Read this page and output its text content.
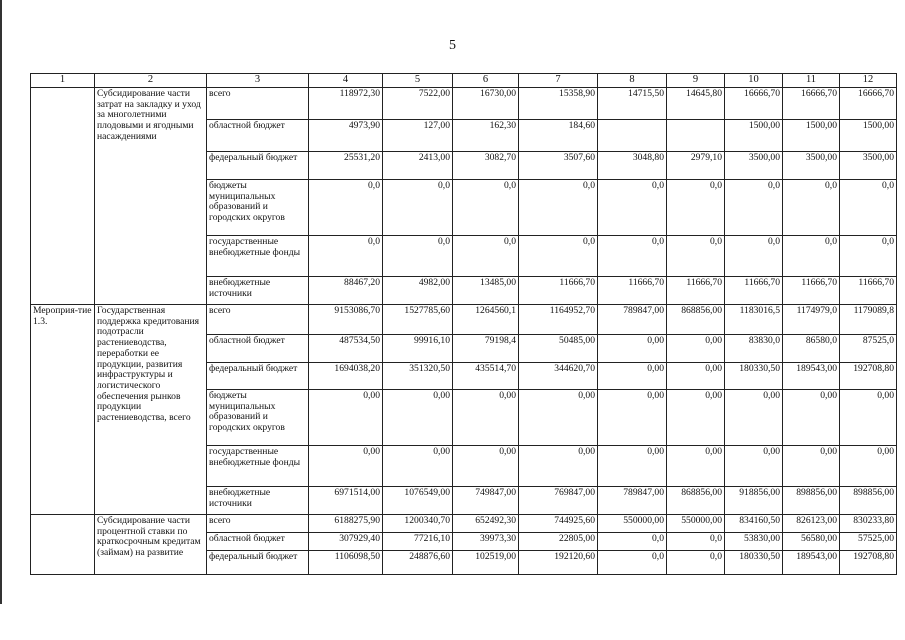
5
1	2	3	4	5	6	7	8	9	10	11	12
	Субсидирование части затрат на закладку и уход за многолетними плодовыми и ягодными насаждениями	всего	118972,30	7522,00	16730,00	15358,90	14715,50	14645,80	16666,70	16666,70	16666,70
		областной бюджет	4973,90	127,00	162,30	184,60			1500,00	1500,00	1500,00
		федеральный бюджет	25531,20	2413,00	3082,70	3507,60	3048,80	2979,10	3500,00	3500,00	3500,00
		бюджеты муниципальных образований и городских округов	0,0	0,0	0,0	0,0	0,0	0,0	0,0	0,0	0,0
		государственные внебюджетные фонды	0,0	0,0	0,0	0,0	0,0	0,0	0,0	0,0	0,0
		внебюджетные источники	88467,20	4982,00	13485,00	11666,70	11666,70	11666,70	11666,70	11666,70	11666,70
Мероприя-тие 1.3.	Государственная поддержка кредитования подотрасли растениеводства, переработки ее продукции, развития инфраструктуры и логистического обеспечения рынков продукции растениеводства, всего	всего	9153086,70	1527785,60	1264560,1	1164952,70	789847,00	868856,00	1183016,5	1174979,0	1179089,8
		областной бюджет	487534,50	99916,10	79198,4	50485,00	0,00	0,00	83830,0	86580,0	87525,0
		федеральный бюджет	1694038,20	351320,50	435514,70	344620,70	0,00	0,00	180330,50	189543,00	192708,80
		бюджеты муниципальных образований и городских округов	0,00	0,00	0,00	0,00	0,00	0,00	0,00	0,00	0,00
		государственные внебюджетные фонды	0,00	0,00	0,00	0,00	0,00	0,00	0,00	0,00	0,00
		внебюджетные источники	6971514,00	1076549,00	749847,00	769847,00	789847,00	868856,00	918856,00	898856,00	898856,00
	Субсидирование части процентной ставки по краткосрочным кредитам (займам) на развитие	всего	6188275,90	1200340,70	652492,30	744925,60	550000,00	550000,00	834160,50	826123,00	830233,80
		областной бюджет	307929,40	77216,10	39973,30	22805,00	0,0	0,0	53830,00	56580,00	57525,00
		федеральный бюджет	1106098,50	248876,60	102519,00	192120,60	0,0	0,0	180330,50	189543,00	192708,80
